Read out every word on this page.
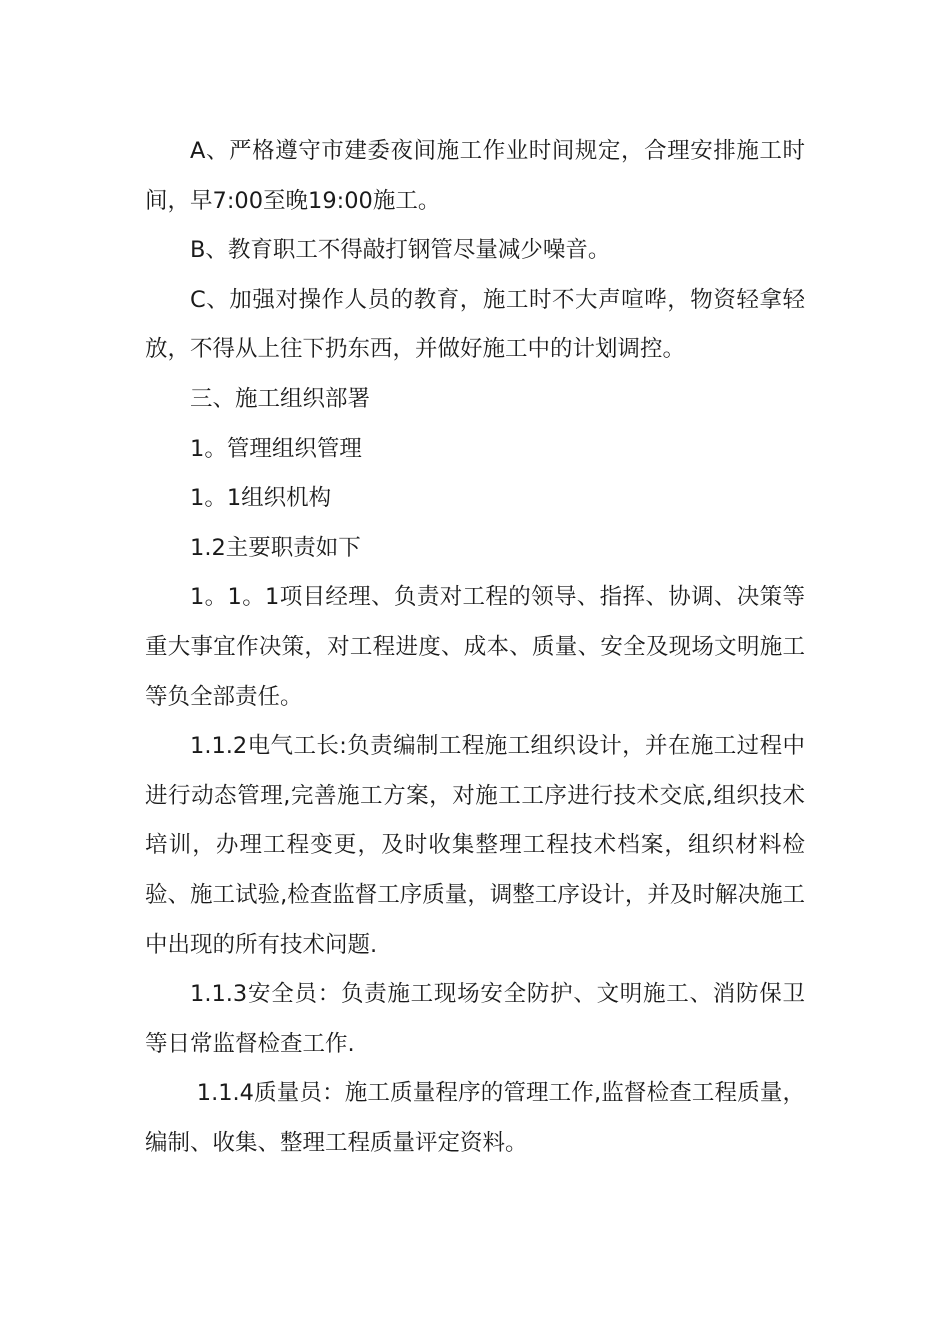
A、严格遵守市建委夜间施工作业时间规定，合理安排施工时间，早7:00至晚19:00施工。

B、教育职工不得敲打钢管尽量减少噪音。

C、加强对操作人员的教育，施工时不大声喧哗，物资轻拿轻放，不得从上往下扔东西，并做好施工中的计划调控。

三、施工组织部署

1。管理组织管理

1。1组织机构

1.2主要职责如下

1。1。1项目经理、负责对工程的领导、指挥、协调、决策等重大事宜作决策，对工程进度、成本、质量、安全及现场文明施工等负全部责任。

1.1.2电气工长:负责编制工程施工组织设计，并在施工过程中进行动态管理,完善施工方案，对施工工序进行技术交底,组织技术培训，办理工程变更，及时收集整理工程技术档案，组织材料检验、施工试验,检查监督工序质量，调整工序设计，并及时解决施工中出现的所有技术问题.

1.1.3安全员：负责施工现场安全防护、文明施工、消防保卫等日常监督检查工作.

1.1.4质量员：施工质量程序的管理工作,监督检查工程质量，编制、收集、整理工程质量评定资料。
